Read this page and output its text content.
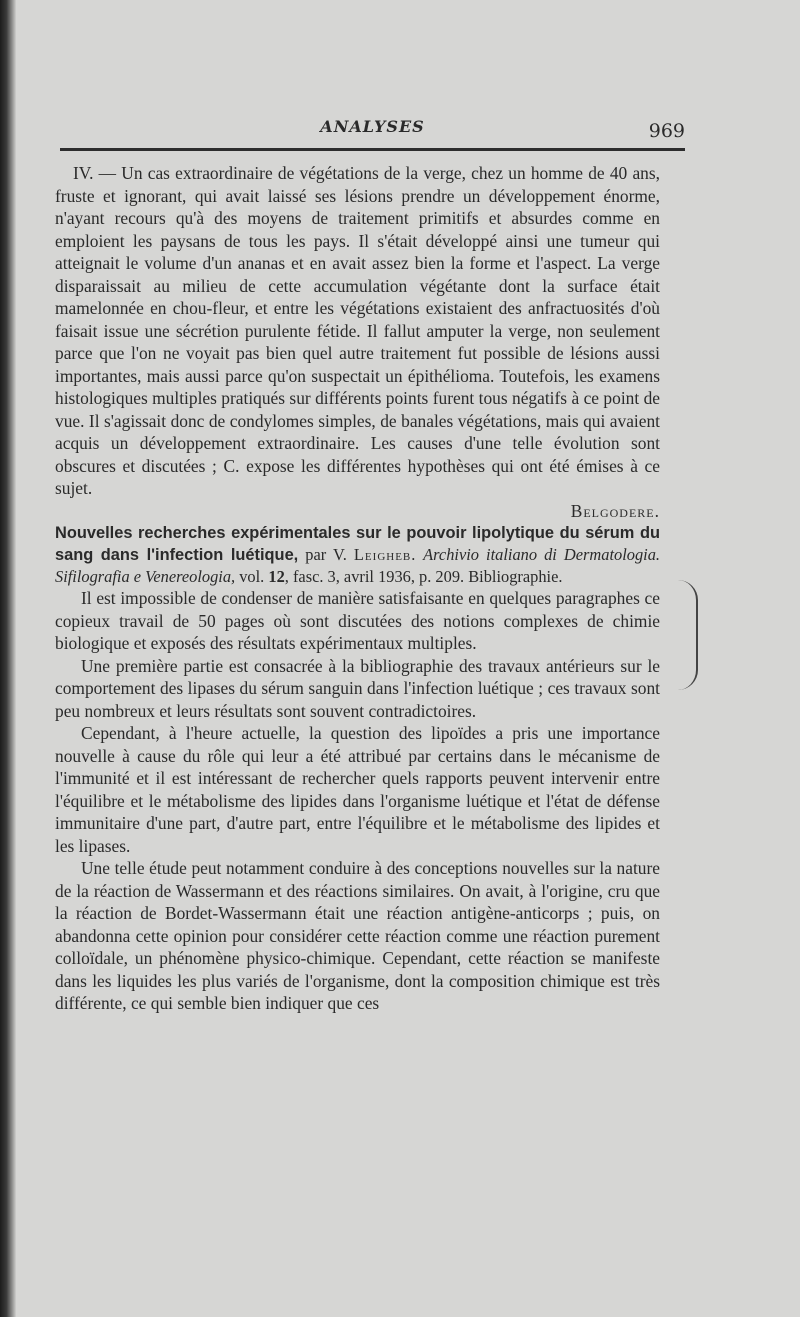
ANALYSES	969

IV. — Un cas extraordinaire de végétations de la verge, chez un homme de 40 ans, fruste et ignorant, qui avait laissé ses lésions prendre un développement énorme, n'ayant recours qu'à des moyens de traitement primitifs et absurdes comme en emploient les paysans de tous les pays. Il s'était développé ainsi une tumeur qui atteignait le volume d'un ananas et en avait assez bien la forme et l'aspect. La verge disparaissait au milieu de cette accumulation végétante dont la surface était mamelonnée en chou-fleur, et entre les végétations existaient des anfractuosités d'où faisait issue une sécrétion purulente fétide. Il fallut amputer la verge, non seulement parce que l'on ne voyait pas bien quel autre traitement fut possible de lésions aussi importantes, mais aussi parce qu'on suspectait un épithélioma. Toutefois, les examens histologiques multiples pratiqués sur différents points furent tous négatifs à ce point de vue. Il s'agissait donc de condylomes simples, de banales végétations, mais qui avaient acquis un développement extraordinaire. Les causes d'une telle évolution sont obscures et discutées ; C. expose les différentes hypothèses qui ont été émises à ce sujet.

Belgodere.

Nouvelles recherches expérimentales sur le pouvoir lipolytique du sérum du sang dans l'infection luétique, par V. Leigheb. Archivio italiano di Dermatologia. Sifilografia e Venereologia, vol. 12, fasc. 3, avril 1936, p. 209. Bibliographie.

Il est impossible de condenser de manière satisfaisante en quelques paragraphes ce copieux travail de 50 pages où sont discutées des notions complexes de chimie biologique et exposés des résultats expérimentaux multiples.

Une première partie est consacrée à la bibliographie des travaux antérieurs sur le comportement des lipases du sérum sanguin dans l'infection luétique ; ces travaux sont peu nombreux et leurs résultats sont souvent contradictoires.

Cependant, à l'heure actuelle, la question des lipoïdes a pris une importance nouvelle à cause du rôle qui leur a été attribué par certains dans le mécanisme de l'immunité et il est intéressant de rechercher quels rapports peuvent intervenir entre l'équilibre et le métabolisme des lipides dans l'organisme luétique et l'état de défense immunitaire d'une part, d'autre part, entre l'équilibre et le métabolisme des lipides et les lipases.

Une telle étude peut notamment conduire à des conceptions nouvelles sur la nature de la réaction de Wassermann et des réactions similaires. On avait, à l'origine, cru que la réaction de Bordet-Wassermann était une réaction antigène-anticorps ; puis, on abandonna cette opinion pour considérer cette réaction comme une réaction purement colloïdale, un phénomène physico-chimique. Cependant, cette réaction se manifeste dans les liquides les plus variés de l'organisme, dont la composition chimique est très différente, ce qui semble bien indiquer que ces
